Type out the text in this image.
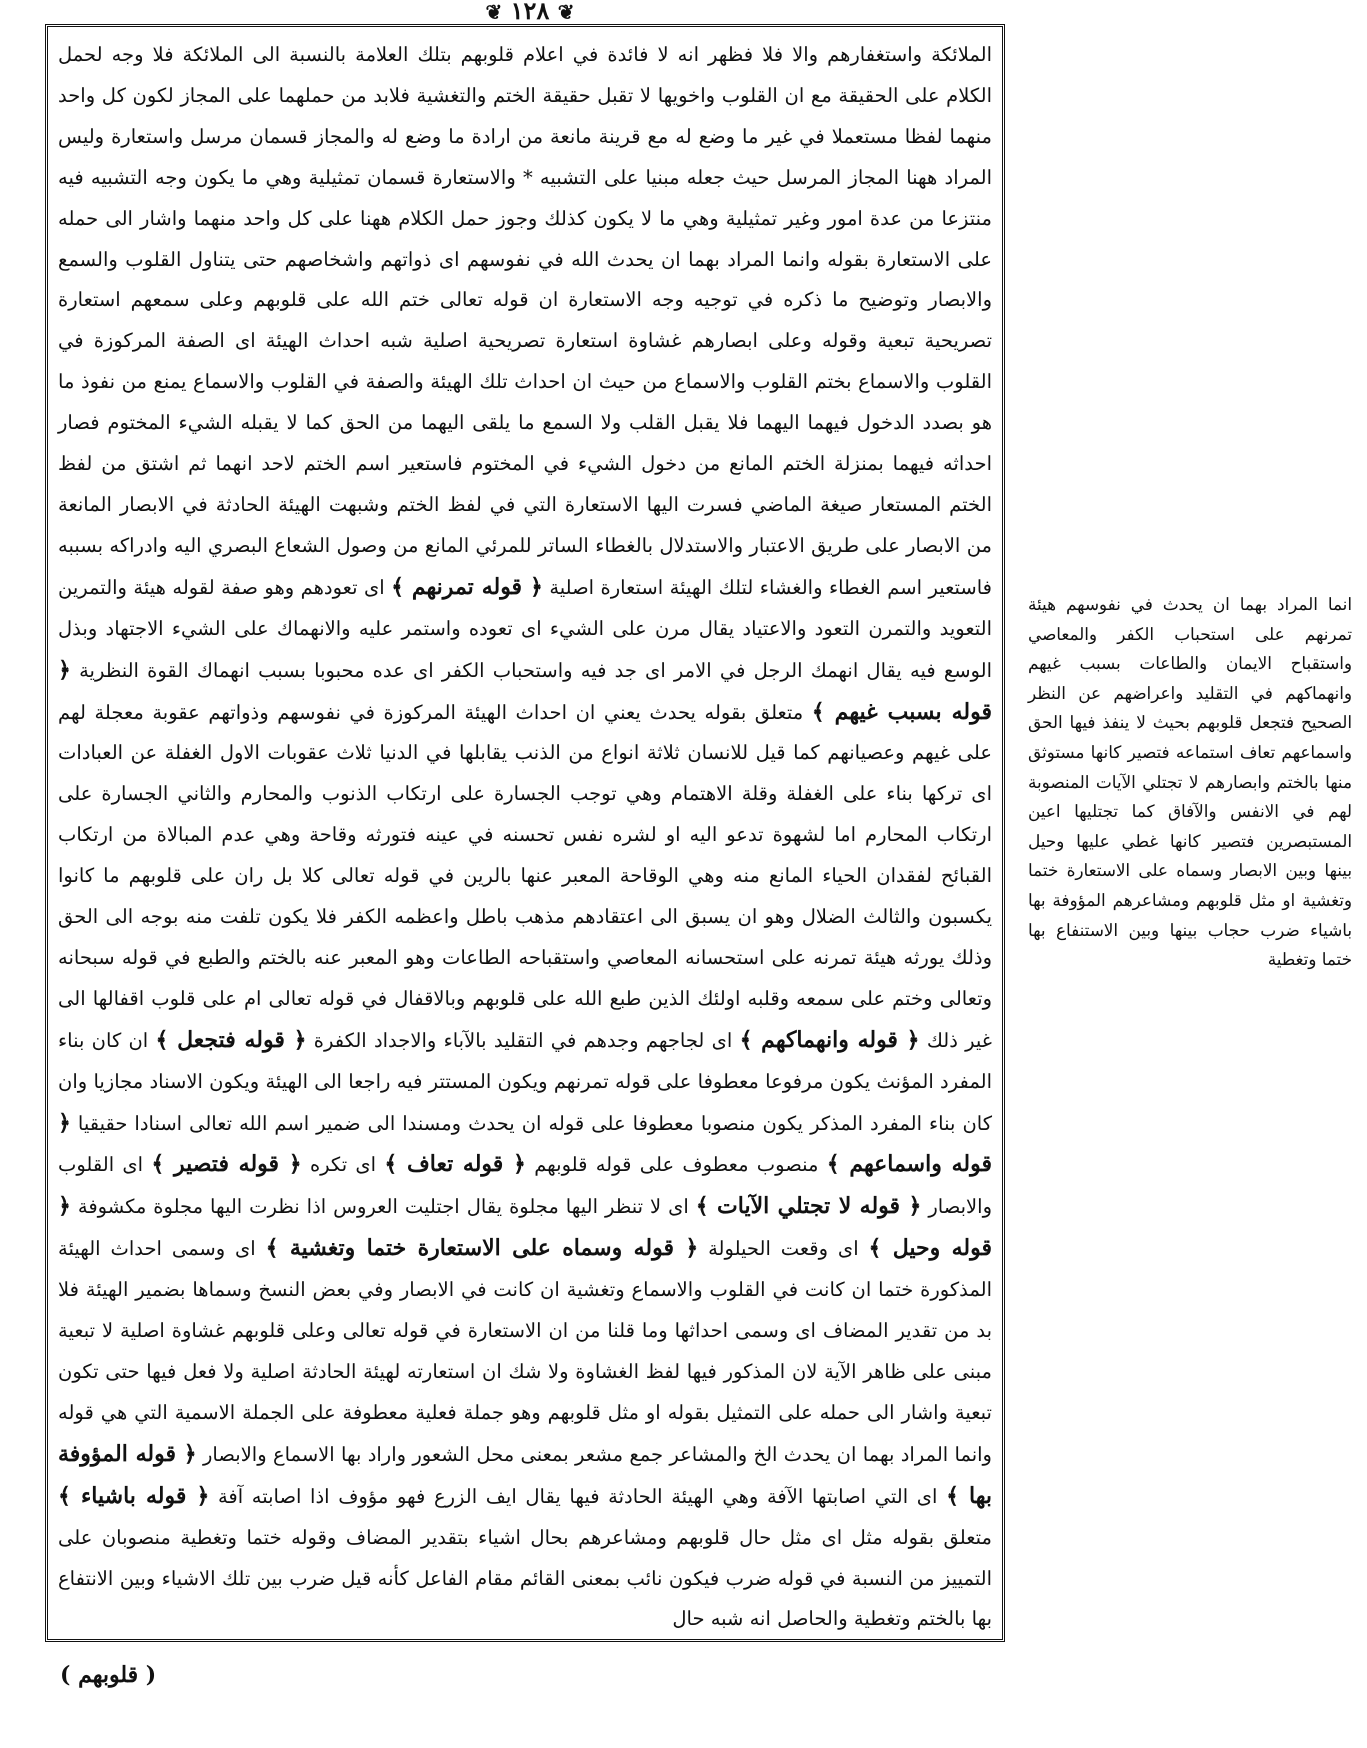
❦ ١٢٨ ❦

الملائكة واستغفارهم والا فلا فظهر انه لا فائدة في اعلام قلوبهم بتلك العلامة بالنسبة الى الملائكة فلا وجه لحمل الكلام على الحقيقة مع ان القلوب واخويها لا تقبل حقيقة الختم والتغشية فلابد من حملهما على المجاز لكون كل واحد منهما لفظا مستعملا في غير ما وضع له مع قرينة مانعة من ارادة ما وضع له والمجاز قسمان مرسل واستعارة وليس المراد ههنا المجاز المرسل حيث جعله مبنيا على التشبيه * والاستعارة قسمان تمثيلية وهي ما يكون وجه التشبيه فيه منتزعا من عدة امور وغير تمثيلية وهي ما لا يكون كذلك وجوز حمل الكلام ههنا على كل واحد منهما واشار الى حمله على الاستعارة بقوله وانما المراد بهما ان يحدث الله في نفوسهم اى ذواتهم واشخاصهم حتى يتناول القلوب والسمع والابصار وتوضيح ما ذكره في توجيه وجه الاستعارة ان قوله تعالى ختم الله على قلوبهم وعلى سمعهم استعارة تصريحية تبعية وقوله وعلى ابصارهم غشاوة استعارة تصريحية اصلية شبه احداث الهيئة اى الصفة المركوزة في القلوب والاسماع بختم القلوب والاسماع من حيث ان احداث تلك الهيئة والصفة في القلوب والاسماع يمنع من نفوذ ما هو بصدد الدخول فيهما اليهما فلا يقبل القلب ولا السمع ما يلقى اليهما من الحق كما لا يقبله الشيء المختوم فصار احداثه فيهما بمنزلة الختم المانع من دخول الشيء في المختوم فاستعير اسم الختم لاحد انهما ثم اشتق من لفظ الختم المستعار صيغة الماضي فسرت اليها الاستعارة التي في لفظ الختم وشبهت الهيئة الحادثة في الابصار المانعة من الابصار على طريق الاعتبار والاستدلال بالغطاء الساتر للمرئي المانع من وصول الشعاع البصري اليه وادراكه بسببه فاستعير اسم الغطاء والغشاء لتلك الهيئة استعارة اصلية ﴿ قوله تمرنهم ﴾ اى تعودهم وهو صفة لقوله هيئة والتمرين التعويد والتمرن التعود والاعتياد يقال مرن على الشيء اى تعوده واستمر عليه والانهماك على الشيء الاجتهاد وبذل الوسع فيه يقال انهمك الرجل في الامر اى جد فيه واستحباب الكفر اى عده محبوبا بسبب انهماك القوة النظرية ﴿ قوله بسبب غيهم ﴾ متعلق بقوله يحدث يعني ان احداث الهيئة المركوزة في نفوسهم وذواتهم عقوبة معجلة لهم على غيهم وعصيانهم كما قيل للانسان ثلاثة انواع من الذنب يقابلها في الدنيا ثلاث عقوبات الاول الغفلة عن العبادات اى تركها بناء على الغفلة وقلة الاهتمام وهي توجب الجسارة على ارتكاب الذنوب والمحارم والثاني الجسارة على ارتكاب المحارم اما لشهوة تدعو اليه او لشره نفس تحسنه في عينه فتورثه وقاحة وهي عدم المبالاة من ارتكاب القبائح لفقدان الحياء المانع منه وهي الوقاحة المعبر عنها بالرين في قوله تعالى كلا بل ران على قلوبهم ما كانوا يكسبون والثالث الضلال وهو ان يسبق الى اعتقادهم مذهب باطل واعظمه الكفر فلا يكون تلفت منه بوجه الى الحق وذلك يورثه هيئة تمرنه على استحسانه المعاصي واستقباحه الطاعات وهو المعبر عنه بالختم والطبع في قوله سبحانه وتعالى وختم على سمعه وقلبه اولئك الذين طبع الله على قلوبهم وبالاقفال في قوله تعالى ام على قلوب اقفالها الى غير ذلك ﴿ قوله وانهماكهم ﴾ اى لجاجهم وجدهم في التقليد بالآباء والاجداد الكفرة ﴿ قوله فتجعل ﴾ ان كان بناء المفرد المؤنث يكون مرفوعا معطوفا على قوله تمرنهم ويكون المستتر فيه راجعا الى الهيئة ويكون الاسناد مجازيا وان كان بناء المفرد المذكر يكون منصوبا معطوفا على قوله ان يحدث ومسندا الى ضمير اسم الله تعالى اسنادا حقيقيا ﴿ قوله واسماعهم ﴾ منصوب معطوف على قوله قلوبهم ﴿ قوله تعاف ﴾ اى تكره ﴿ قوله فتصير ﴾ اى القلوب والابصار ﴿ قوله لا تجتلي الآيات ﴾ اى لا تنظر اليها مجلوة يقال اجتليت العروس اذا نظرت اليها مجلوة مكشوفة ﴿ قوله وحيل ﴾ اى وقعت الحيلولة ﴿ قوله وسماه على الاستعارة ختما وتغشية ﴾ اى وسمى احداث الهيئة المذكورة ختما ان كانت في القلوب والاسماع وتغشية ان كانت في الابصار وفي بعض النسخ وسماها بضمير الهيئة فلا بد من تقدير المضاف اى وسمى احداثها وما قلنا من ان الاستعارة في قوله تعالى وعلى قلوبهم غشاوة اصلية لا تبعية مبنى على ظاهر الآية لان المذكور فيها لفظ الغشاوة ولا شك ان استعارته لهيئة الحادثة اصلية ولا فعل فيها حتى تكون تبعية واشار الى حمله على التمثيل بقوله او مثل قلوبهم وهو جملة فعلية معطوفة على الجملة الاسمية التي هي قوله وانما المراد بهما ان يحدث الخ والمشاعر جمع مشعر بمعنى محل الشعور واراد بها الاسماع والابصار ﴿ قوله المؤوفة بها ﴾ اى التي اصابتها الآفة وهي الهيئة الحادثة فيها يقال ايف الزرع فهو مؤوف اذا اصابته آفة ﴿ قوله باشياء ﴾ متعلق بقوله مثل اى مثل حال قلوبهم ومشاعرهم بحال اشياء بتقدير المضاف وقوله ختما وتغطية منصوبان على التمييز من النسبة في قوله ضرب فيكون نائب بمعنى القائم مقام الفاعل كأنه قيل ضرب بين تلك الاشياء وبين الانتفاع بها بالختم وتغطية والحاصل انه شبه حال

انما المراد بهما ان يحدث في نفوسهم هيئة تمرنهم على استحباب الكفر والمعاصي واستقباح الايمان والطاعات بسبب غيهم وانهماكهم في التقليد واعراضهم عن النظر الصحيح فتجعل قلوبهم بحيث لا ينفذ فيها الحق واسماعهم تعاف استماعه فتصير كانها مستوثق منها بالختم وابصارهم لا تجتلي الآيات المنصوبة لهم في الانفس والآفاق كما تجتليها اعين المستبصرين فتصير كانها غطي عليها وحيل بينها وبين الابصار وسماه على الاستعارة ختما وتغشية او مثل قلوبهم ومشاعرهم المؤوفة بها باشياء ضرب حجاب بينها وبين الاستنفاع بها ختما وتغطية

( قلوبهم )
